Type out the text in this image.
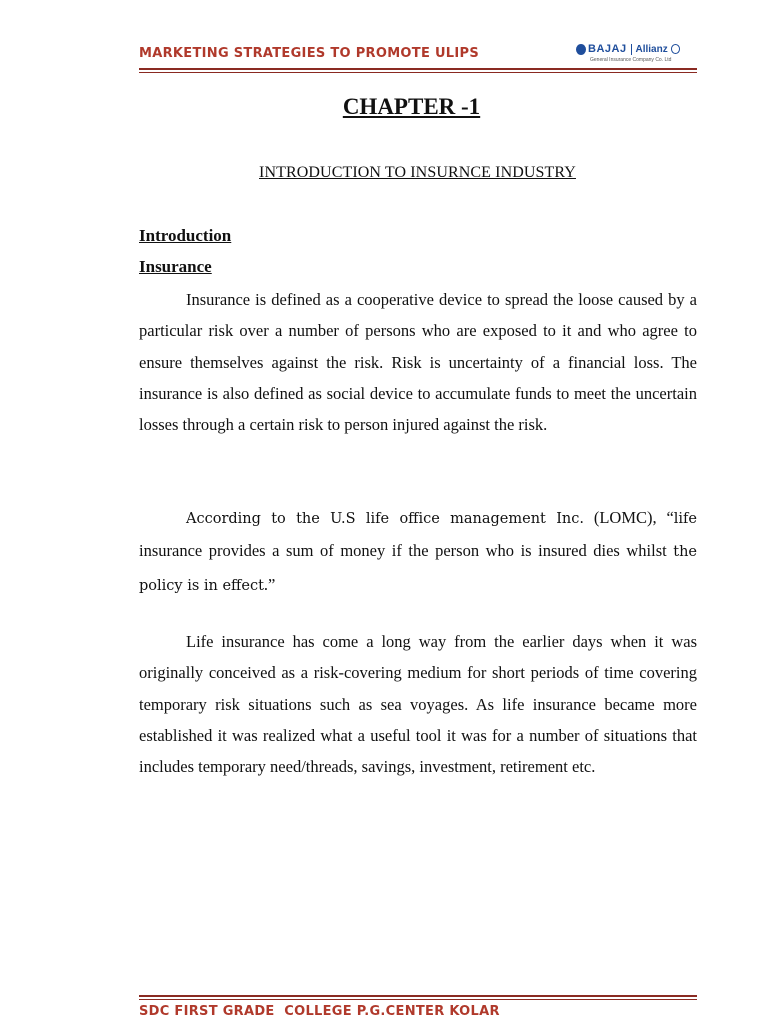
MARKETING STRATEGIES TO PROMOTE ULIPS	BAJAJ Allianz
General Insurance Company Co. Ltd
CHAPTER -1
INTRODUCTION TO INSURNCE INDUSTRY
Introduction
Insurance

Insurance is defined as a cooperative device to spread the loose caused by a particular risk over a number of persons who are exposed to it and who agree to ensure themselves against the risk. Risk is uncertainty of a financial loss. The insurance is also defined as social device to accumulate funds to meet the uncertain losses through a certain risk to person injured against the risk.

According to the U.S life office management Inc. (LOMC), “life insurance provides a sum of money if the person who is insured dies whilst the policy is in effect.”

Life insurance has come a long way from the earlier days when it was originally conceived as a risk-covering medium for short periods of time covering temporary risk situations such as sea voyages. As life insurance became more established it was realized what a useful tool it was for a number of situations that includes temporary need/threads, savings, investment, retirement etc.

SDC FIRST GRADE  COLLEGE P.G.CENTER KOLAR
